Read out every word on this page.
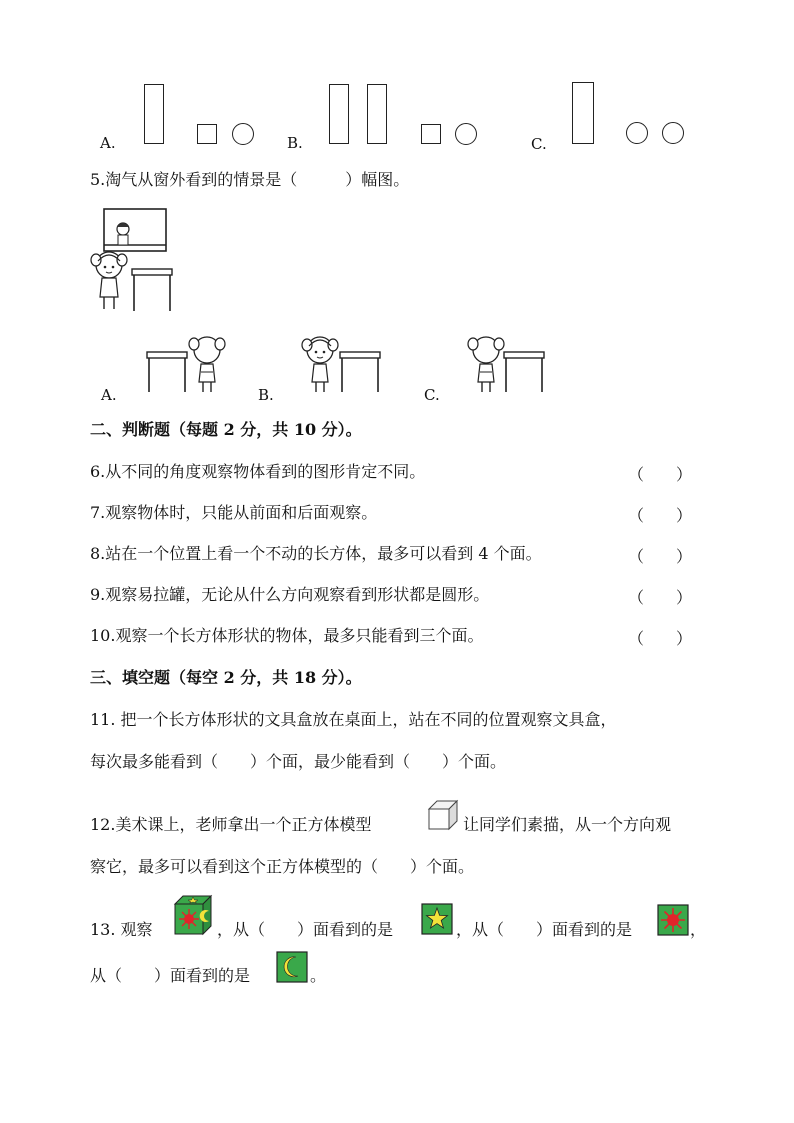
A.	B.	C.
5.淘气从窗外看到的情景是（　　　）幅图。
A.	B.	C.
二、判断题（每题 2 分，共 10 分）。
6.从不同的角度观察物体看到的图形肯定不同。	（　　）
7.观察物体时，只能从前面和后面观察。	（　　）
8.站在一个位置上看一个不动的长方体，最多可以看到 4 个面。	（　　）
9.观察易拉罐，无论从什么方向观察看到形状都是圆形。	（　　）
10.观察一个长方体形状的物体，最多只能看到三个面。	（　　）
三、填空题（每空 2 分，共 18 分）。
11. 把一个长方体形状的文具盒放在桌面上，站在不同的位置观察文具盒，
每次最多能看到（　　）个面，最少能看到（　　）个面。
12.美术课上，老师拿出一个正方体模型	让同学们素描，从一个方向观
察它，最多可以看到这个正方体模型的（　　）个面。
13. 观察	，从（　　）面看到的是	，从（　　）面看到的是	，
从（　　）面看到的是	。
